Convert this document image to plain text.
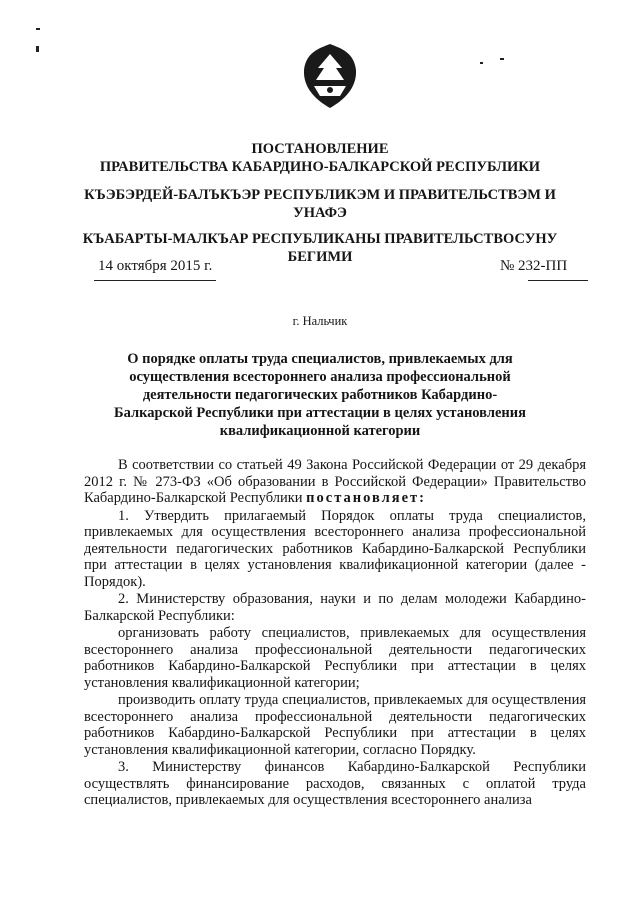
ПОСТАНОВЛЕНИЕ
ПРАВИТЕЛЬСТВА КАБАРДИНО-БАЛКАРСКОЙ РЕСПУБЛИКИ
КЪЭБЭРДЕЙ-БАЛЪКЪЭР РЕСПУБЛИКЭМ И ПРАВИТЕЛЬСТВЭМ И
УНАФЭ
КЪАБАРТЫ-МАЛКЪАР РЕСПУБЛИКАНЫ ПРАВИТЕЛЬСТВОСУНУ
БЕГИМИ
14 октября 2015 г.	№ 232-ПП
г. Нальчик
О порядке оплаты труда специалистов, привлекаемых для осуществления всестороннего анализа профессиональной деятельности педагогических работников Кабардино-Балкарской Республики при аттестации в целях установления квалификационной категории

В соответствии со статьей 49 Закона Российской Федерации от 29 декабря 2012 г. № 273-ФЗ «Об образовании в Российской Федерации» Правительство Кабардино-Балкарской Республики постановляет:

1. Утвердить прилагаемый Порядок оплаты труда специалистов, привлекаемых для осуществления всестороннего анализа профессиональной деятельности педагогических работников Кабардино-Балкарской Республики при аттестации в целях установления квалификационной категории (далее - Порядок).

2. Министерству образования, науки и по делам молодежи Кабардино-Балкарской Республики:

организовать работу специалистов, привлекаемых для осуществления всестороннего анализа профессиональной деятельности педагогических работников Кабардино-Балкарской Республики при аттестации в целях установления квалификационной категории;

производить оплату труда специалистов, привлекаемых для осуществления всестороннего анализа профессиональной деятельности педагогических работников Кабардино-Балкарской Республики при аттестации в целях установления квалификационной категории, согласно Порядку.

3. Министерству финансов Кабардино-Балкарской Республики осуществлять финансирование расходов, связанных с оплатой труда специалистов, привлекаемых для осуществления всестороннего анализа
